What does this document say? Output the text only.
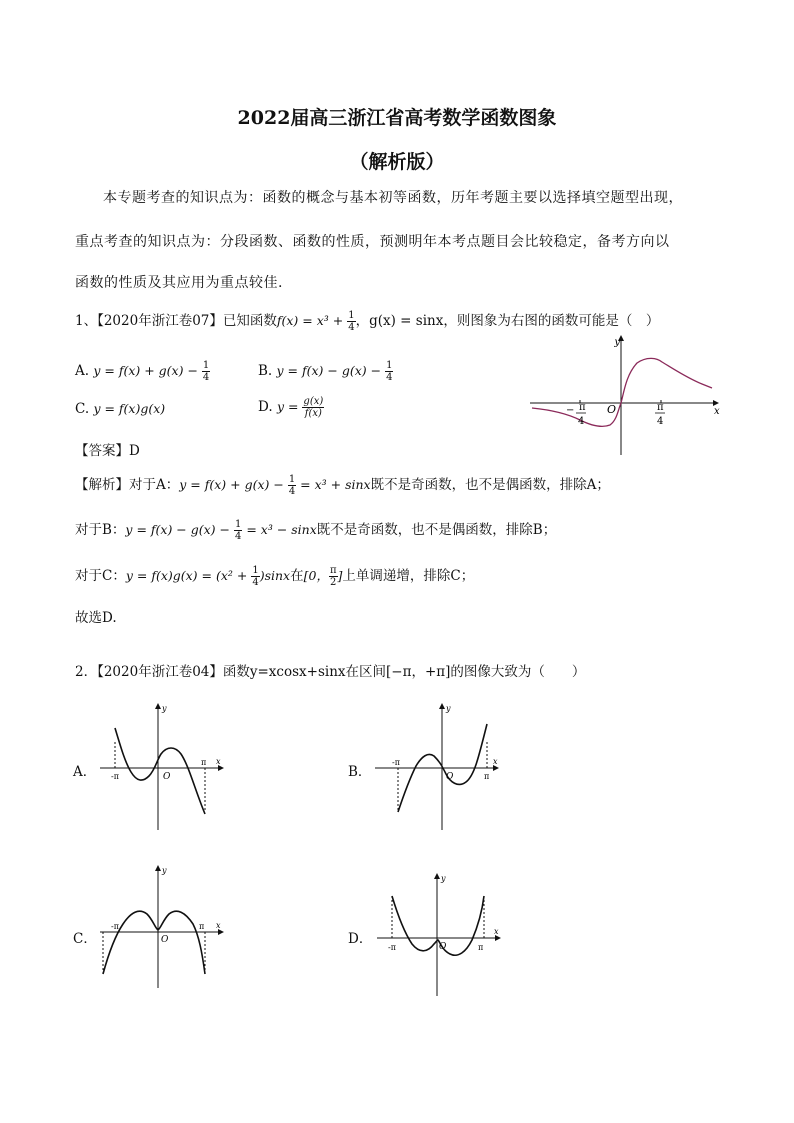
2022届高三浙江省高考数学函数图象
（解析版）
本专题考查的知识点为：函数的概念与基本初等函数，历年考题主要以选择填空题型出现，
重点考查的知识点为：分段函数、函数的性质，预测明年本考点题目会比较稳定，备考方向以
函数的性质及其应用为重点较佳.
1、【2020年浙江卷07】已知函数$f(x) = x^3 + \frac{1}{4}$ ，g(x) = sinx，则图象为右图的函数可能是（　）
A. $y = f(x) + g(x) - \frac{1}{4}$	B. $y = f(x) - g(x) - \frac{1}{4}$
C. y = f(x)g(x)	D. $y = \frac{g(x)}{f(x)}$
y
x
O
− π
4
π
4
【答案】D
【解析】对于A：$y = f(x) + g(x) - \frac{1}{4} = x^3 + \sin x$既不是奇函数，也不是偶函数，排除A；
对于B：$y = f(x) - g(x) - \frac{1}{4} = x^3 - \sin x$既不是奇函数，也不是偶函数，排除B；
对于C：$y = f(x)g(x) = (x^2 + \frac{1}{4} )\sin x$在[0， $\frac{\pi}{2}$ ]上单调递增，排除C；
故选D.
2．【2020年浙江卷04】函数y=xcosx+sinx在区间[−π，+π]的图像大致为（　　）
A．	B．
C．	D．
y
x
O
-π
π
y
x
O
-π
π
y
x
O
-π	π
y
x
O
-π	π
